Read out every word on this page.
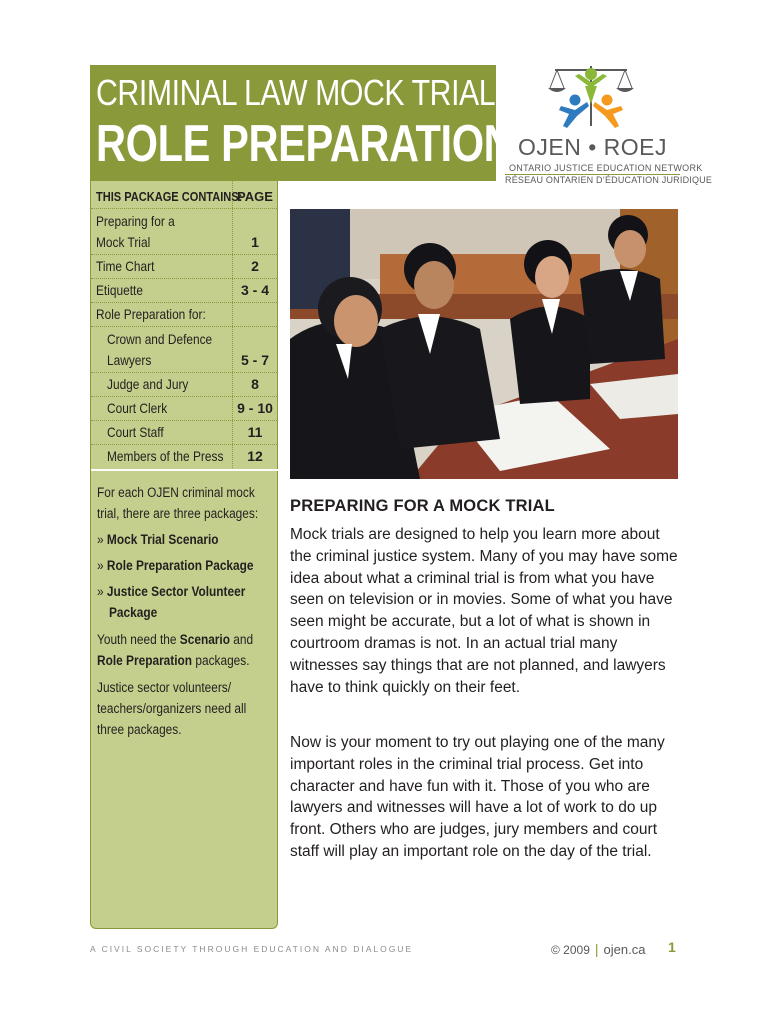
CRIMINAL LAW MOCK TRIAL:
ROLE PREPARATION OJEN • ROEJ
ONTARIO JUSTICE EDUCATION NETWORK
RÉSEAU ONTARIEN D’ÉDUCATION JURIDIQUE
THIS PACKAGE CONTAINS:
PAGE
Preparing for a
Mock Trial	1
Time Chart	2
Etiquette	3 - 4
Role Preparation for:
Crown and Defence
Lawyers	5 - 7
Judge and Jury	8
Court Clerk	9 - 10
Court Staff	11
Members of the Press	12
For each OJEN criminal mock
trial, there are three packages:
» Mock Trial Scenario
» Role Preparation Package
» Justice Sector Volunteer
Package
Youth need the Scenario and
Role Preparation packages.
Justice sector volunteers/
teachers/organizers need all
three packages.
PREPARING FOR A MOCK TRIAL
Mock trials are designed to help you learn more about the criminal justice system. Many of you may have some idea about what a criminal trial is from what you have seen on television or in movies. Some of what you have seen might be accurate, but a lot of what is shown in courtroom dramas is not. In an actual trial many witnesses say things that are not planned, and lawyers have to think quickly on their feet.
Now is your moment to try out playing one of the many important roles in the criminal trial process. Get into character and have fun with it. Those of you who are lawyers and witnesses will have a lot of work to do up front. Others who are judges, jury members and court staff will play an important role on the day of the trial.
A CIVIL SOCIETY THROUGH EDUCATION AND DIALOGUE	© 2009 | ojen.ca 1
